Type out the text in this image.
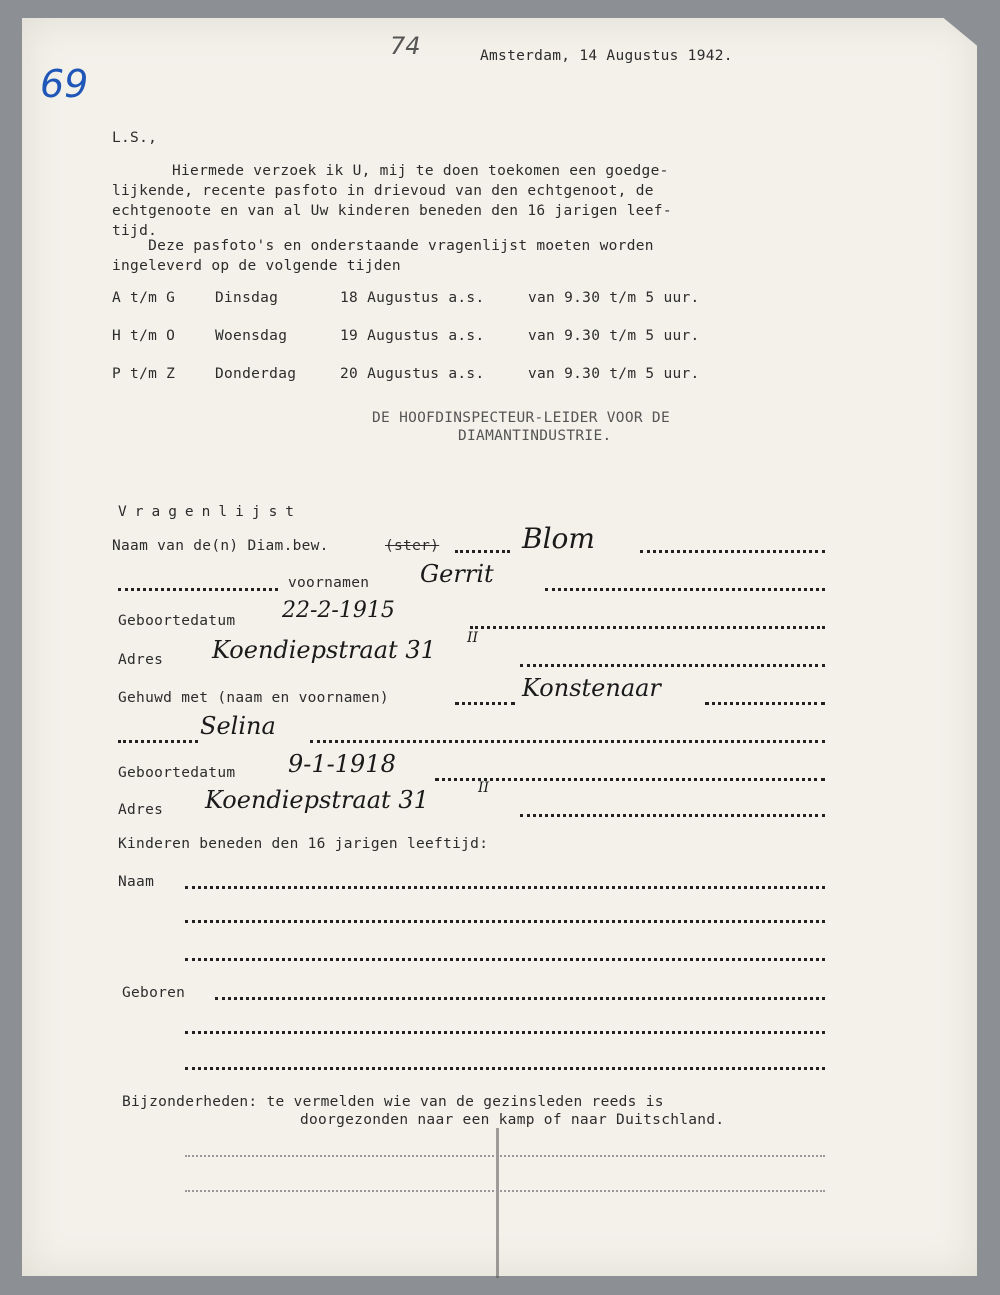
69
74	Amsterdam, 14 Augustus 1942.
L.S.,
Hiermede verzoek ik U, mij te doen toekomen een goedge-
lijkende, recente pasfoto in drievoud van den echtgenoot, de
echtgenoote en van al Uw kinderen beneden den 16 jarigen leef-
tijd.
Deze pasfoto's en onderstaande vragenlijst moeten worden
ingeleverd op de volgende tijden
A t/m G	Dinsdag	18 Augustus a.s.	van 9.30 t/m 5 uur.
H t/m O	Woensdag	19 Augustus a.s.	van 9.30 t/m 5 uur.
P t/m Z	Donderdag	20 Augustus a.s.	van 9.30 t/m 5 uur.
DE HOOFDINSPECTEUR-LEIDER VOOR DE
DIAMANTINDUSTRIE.
Vragenlijst
Naam van de(n) Diam.bew.	(ster)	Blom
voornamen Gerrit
Geboortedatum 22-2-1915
Adres Koendiepstraat 31 II
Gehuwd met (naam en voornamen)	Konstenaar
Selina
Geboortedatum 9-1-1918
Adres Koendiepstraat 31	II
Kinderen beneden den 16 jarigen leeftijd:
Naam
Geboren
Bijzonderheden: te vermelden wie van de gezinsleden reeds is
doorgezonden naar een kamp of naar Duitschland.
